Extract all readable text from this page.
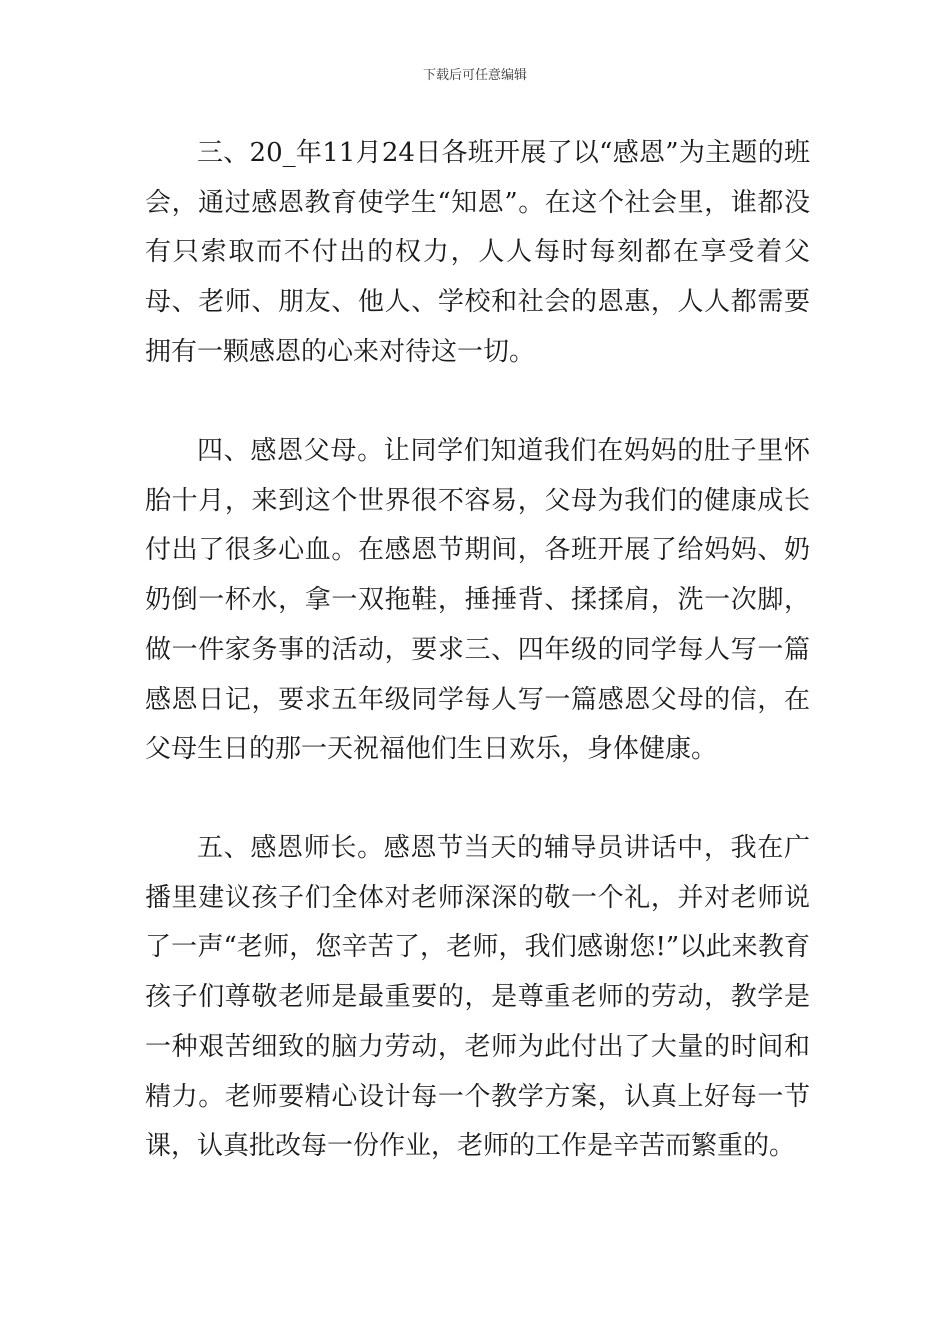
下载后可任意编辑

三、20_年11月24日各班开展了以“感恩”为主题的班会，通过感恩教育使学生“知恩”。在这个社会里，谁都没有只索取而不付出的权力，人人每时每刻都在享受着父母、老师、朋友、他人、学校和社会的恩惠，人人都需要拥有一颗感恩的心来对待这一切。

四、感恩父母。让同学们知道我们在妈妈的肚子里怀胎十月，来到这个世界很不容易，父母为我们的健康成长付出了很多心血。在感恩节期间，各班开展了给妈妈、奶奶倒一杯水，拿一双拖鞋，捶捶背、揉揉肩，洗一次脚，做一件家务事的活动，要求三、四年级的同学每人写一篇感恩日记，要求五年级同学每人写一篇感恩父母的信，在父母生日的那一天祝福他们生日欢乐，身体健康。

五、感恩师长。感恩节当天的辅导员讲话中，我在广播里建议孩子们全体对老师深深的敬一个礼，并对老师说了一声“老师，您辛苦了，老师，我们感谢您!”以此来教育孩子们尊敬老师是最重要的，是尊重老师的劳动，教学是一种艰苦细致的脑力劳动，老师为此付出了大量的时间和精力。老师要精心设计每一个教学方案，认真上好每一节课，认真批改每一份作业，老师的工作是辛苦而繁重的。
